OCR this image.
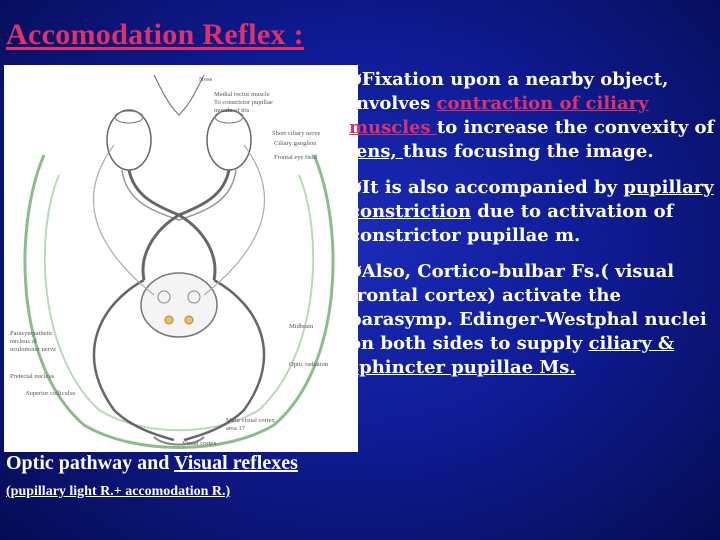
Accomodation Reflex :
Nose
Medial rectus muscle
To constrictor pupillae
muscle of iris
Short ciliary nerve
Ciliary ganglion
Frontal eye field
Parasympathetic
nucleus of
oculomotor nerve
Pretectal nucleus
Superior colliculus
Midbrain
Optic radiation
Main visual cortex
area 17
Visual cortex

ØFixation upon a nearby object, involves contraction of ciliary muscles to increase the convexity of lens, thus focusing the image.

ØIt is also accompanied by pupillary constriction due to activation of constrictor pupillae m.

ØAlso, Cortico-bulbar Fs.( visual frontal cortex) activate the parasymp. Edinger-Westphal nuclei on both sides to supply ciliary & sphincter pupillae Ms.

Optic pathway and Visual reflexes
(pupillary light R.+ accomodation R.)
